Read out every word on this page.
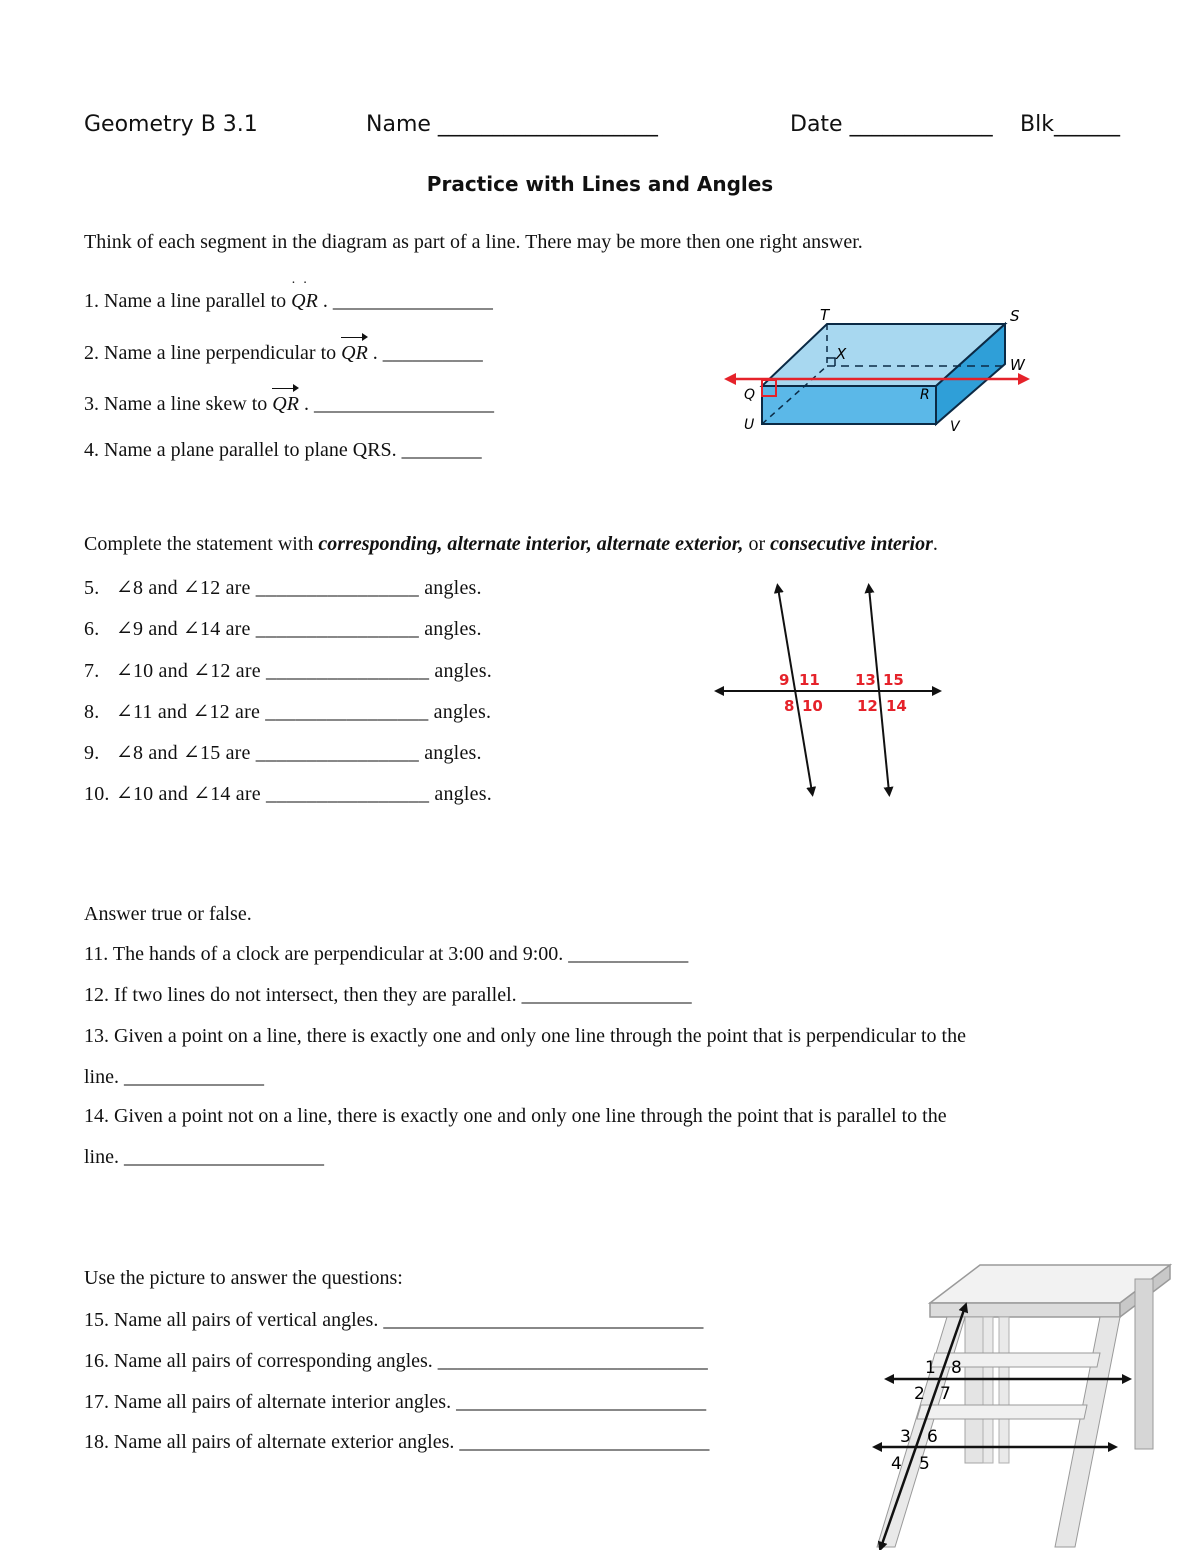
Geometry B 3.1	Name ____________________	Date _____________ Blk______
Practice with Lines and Angles
Think of each segment in the diagram as part of a line. There may be more then one right answer.
1. Name a line parallel to QR · · . ________________
2. Name a line perpendicular to QR . __________
3. Name a line skew to QR . __________________
4. Name a plane parallel to plane QRS. ________
T	S
X
W
Q	R
U	V
Complete the statement with corresponding, alternate interior, alternate exterior, or consecutive interior.
5. ∠8 and ∠12 are ________________ angles.
6. ∠9 and ∠14 are ________________ angles.
7. ∠10 and ∠12 are ________________ angles.
8. ∠11 and ∠12 are ________________ angles.
9. ∠8 and ∠15 are ________________ angles.
10. ∠10 and ∠14 are ________________ angles.
9 11
8 10
13 15
12 14
Answer true or false.
11. The hands of a clock are perpendicular at 3:00 and 9:00. ____________
12. If two lines do not intersect, then they are parallel. _________________
13. Given a point on a line, there is exactly one and only one line through the point that is perpendicular to the
line. ______________
14. Given a point not on a line, there is exactly one and only one line through the point that is parallel to the
line. ____________________
Use the picture to answer the questions:
15. Name all pairs of vertical angles. ________________________________
16. Name all pairs of corresponding angles. ___________________________
17. Name all pairs of alternate interior angles. _________________________
18. Name all pairs of alternate exterior angles. _________________________
1 8
2 7
3 6
4 5
